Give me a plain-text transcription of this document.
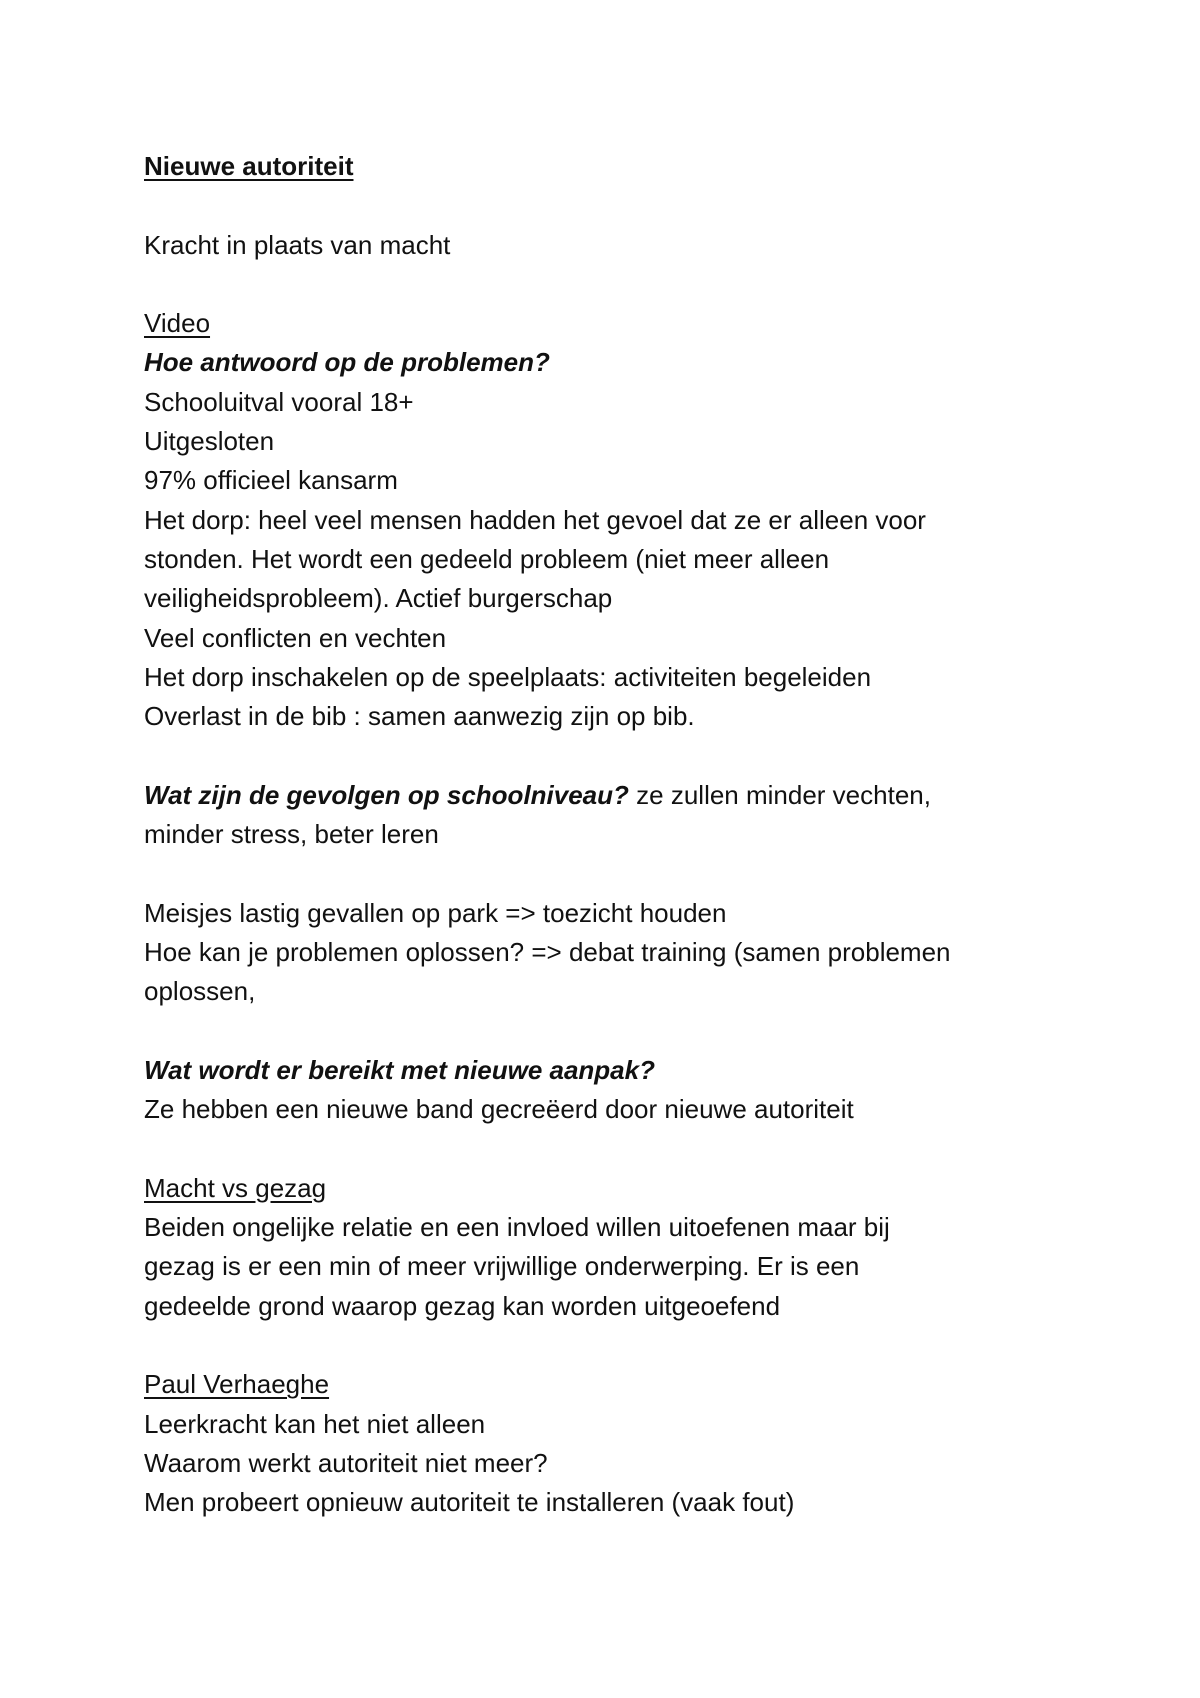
Nieuwe autoriteit
Kracht in plaats van macht
Video
Hoe antwoord op de problemen?
Schooluitval vooral 18+
Uitgesloten
97% officieel kansarm
Het dorp: heel veel mensen hadden het gevoel dat ze er alleen voor
stonden. Het wordt een gedeeld probleem (niet meer alleen
veiligheidsprobleem). Actief burgerschap
Veel conflicten en vechten
Het dorp inschakelen op de speelplaats: activiteiten begeleiden
Overlast in de bib : samen aanwezig zijn op bib.
Wat zijn de gevolgen op schoolniveau? ze zullen minder vechten,
minder stress, beter leren
Meisjes lastig gevallen op park => toezicht houden
Hoe kan je problemen oplossen? => debat training (samen problemen
oplossen,
Wat wordt er bereikt met nieuwe aanpak?
Ze hebben een nieuwe band gecreëerd door nieuwe autoriteit
Macht vs gezag
Beiden ongelijke relatie en een invloed willen uitoefenen maar bij
gezag is er een min of meer vrijwillige onderwerping. Er is een
gedeelde grond waarop gezag kan worden uitgeoefend
Paul Verhaeghe
Leerkracht kan het niet alleen
Waarom werkt autoriteit niet meer?
Men probeert opnieuw autoriteit te installeren (vaak fout)
